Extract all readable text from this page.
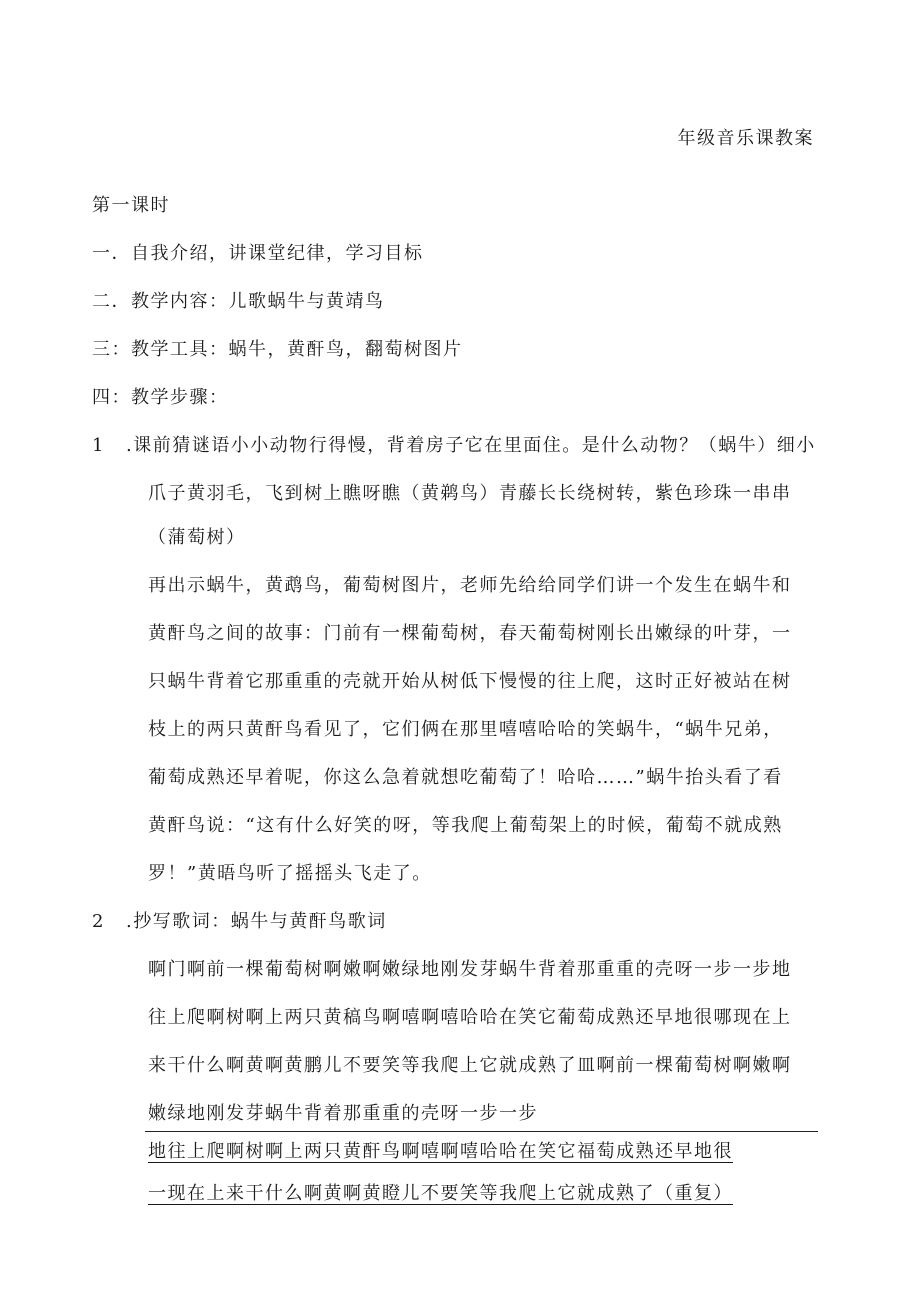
年级音乐课教案
第一课时
一．自我介绍，讲课堂纪律，学习目标
二．教学内容：儿歌蜗牛与黄靖鸟
三：教学工具：蜗牛，黄酐鸟，翻萄树图片
四：教学步骤：
1 .课前猜谜语小小动物行得慢，背着房子它在里面住。是什么动物？（蜗牛）细小
爪子黄羽毛，飞到树上瞧呀瞧（黄鹈鸟）青藤长长绕树转，紫色珍珠一串串
（蒲萄树）
再出示蜗牛，黄鹉鸟，葡萄树图片，老师先给给同学们讲一个发生在蜗牛和
黄酐鸟之间的故事：门前有一棵葡萄树，春天葡萄树刚长出嫩绿的叶芽，一
只蜗牛背着它那重重的壳就开始从树低下慢慢的往上爬，这时正好被站在树
枝上的两只黄酐鸟看见了，它们俩在那里嘻嘻哈哈的笑蜗牛，“蜗牛兄弟，
葡萄成熟还早着呢，你这么急着就想吃葡萄了！哈哈……”蜗牛抬头看了看
黄酐鸟说：“这有什么好笑的呀，等我爬上葡萄架上的时候，葡萄不就成熟
罗！”黄晤鸟听了摇摇头飞走了。
2 .抄写歌词：蜗牛与黄酐鸟歌词
啊门啊前一棵葡萄树啊嫩啊嫩绿地刚发芽蜗牛背着那重重的壳呀一步一步地
往上爬啊树啊上两只黄稿鸟啊嘻啊嘻哈哈在笑它葡萄成熟还早地很哪现在上
来干什么啊黄啊黄鹏儿不要笑等我爬上它就成熟了皿啊前一棵葡萄树啊嫩啊
嫩绿地刚发芽蜗牛背着那重重的壳呀一步一步
地往上爬啊树啊上两只黄酐鸟啊嘻啊嘻哈哈在笑它福萄成熟还早地很
一现在上来干什么啊黄啊黄瞪儿不要笑等我爬上它就成熟了（重复）
